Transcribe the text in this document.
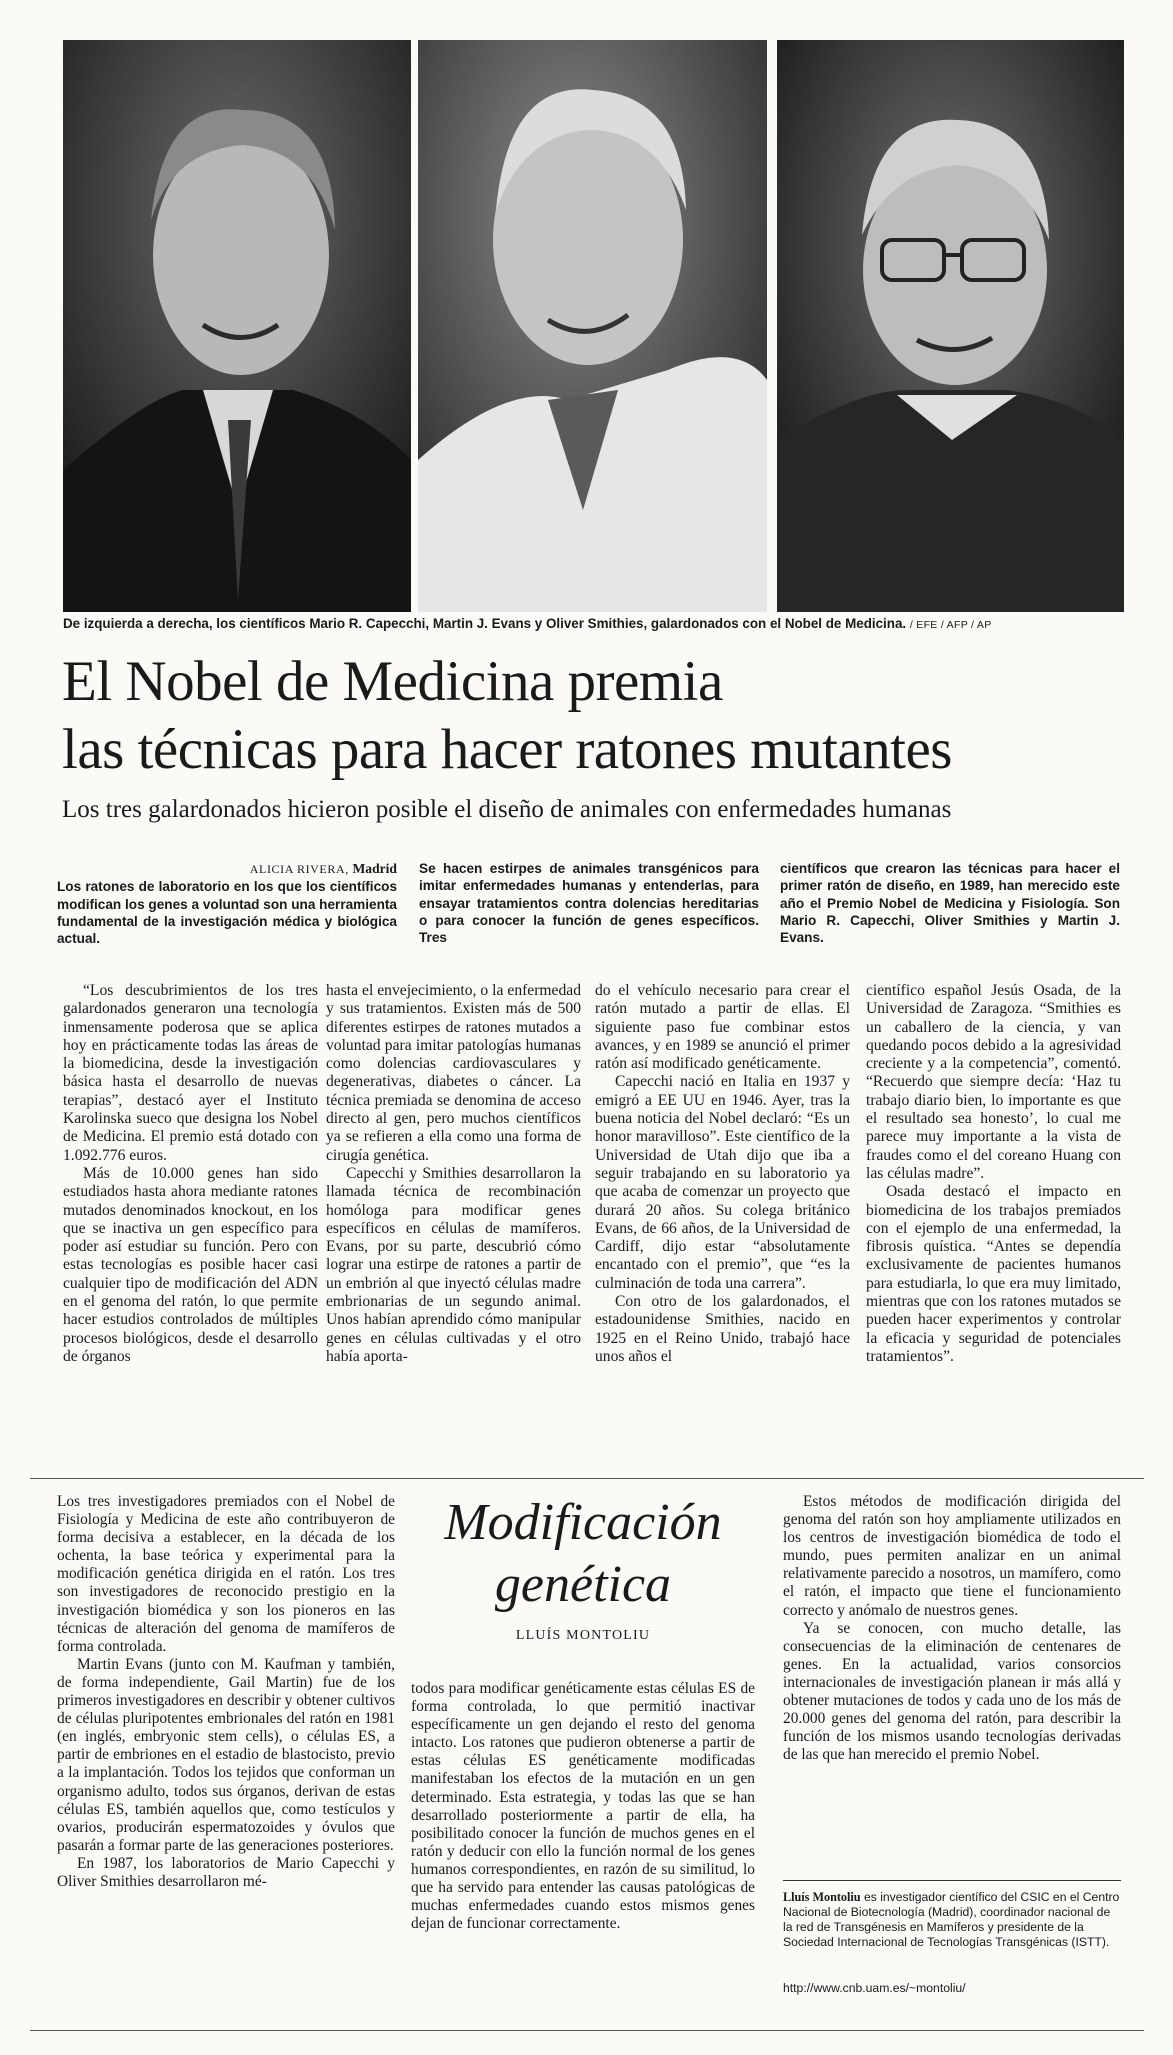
De izquierda a derecha, los científicos Mario R. Capecchi, Martin J. Evans y Oliver Smithies, galardonados con el Nobel de Medicina. / EFE / AFP / AP
El Nobel de Medicina premia
las técnicas para hacer ratones mutantes
Los tres galardonados hicieron posible el diseño de animales con enfermedades humanas
ALICIA RIVERA, Madrid
Los ratones de laboratorio en los que los científicos modifican los genes a voluntad son una herramienta fundamental de la investigación médica y biológica actual.
Se hacen estirpes de animales transgénicos para imitar enfermedades humanas y entenderlas, para ensayar tratamientos contra dolencias hereditarias o para conocer la función de genes específicos. Tres
científicos que crearon las técnicas para hacer el primer ratón de diseño, en 1989, han merecido este año el Premio Nobel de Medicina y Fisiología. Son Mario R. Capecchi, Oliver Smithies y Martin J. Evans.

“Los descubrimientos de los tres galardonados generaron una tecnología inmensamente poderosa que se aplica hoy en prácticamente todas las áreas de la biomedicina, desde la investigación básica hasta el desarrollo de nuevas terapias”, destacó ayer el Instituto Karolinska sueco que designa los Nobel de Medicina. El premio está dotado con 1.092.776 euros.

Más de 10.000 genes han sido estudiados hasta ahora mediante ratones mutados denominados knockout, en los que se inactiva un gen específico para poder así estudiar su función. Pero con estas tecnologías es posible hacer casi cualquier tipo de modificación del ADN en el genoma del ratón, lo que permite hacer estudios controlados de múltiples procesos biológicos, desde el desarrollo de órganos

hasta el envejecimiento, o la enfermedad y sus tratamientos. Existen más de 500 diferentes estirpes de ratones mutados a voluntad para imitar patologías humanas como dolencias cardiovasculares y degenerativas, diabetes o cáncer. La técnica premiada se denomina de acceso directo al gen, pero muchos científicos ya se refieren a ella como una forma de cirugía genética.

Capecchi y Smithies desarrollaron la llamada técnica de recombinación homóloga para modificar genes específicos en células de mamíferos. Evans, por su parte, descubrió cómo lograr una estirpe de ratones a partir de un embrión al que inyectó células madre embrionarias de un segundo animal. Unos habían aprendido cómo manipular genes en células cultivadas y el otro había aporta-

do el vehículo necesario para crear el ratón mutado a partir de ellas. El siguiente paso fue combinar estos avances, y en 1989 se anunció el primer ratón así modificado genéticamente.

Capecchi nació en Italia en 1937 y emigró a EE UU en 1946. Ayer, tras la buena noticia del Nobel declaró: “Es un honor maravilloso”. Este científico de la Universidad de Utah dijo que iba a seguir trabajando en su laboratorio ya que acaba de comenzar un proyecto que durará 20 años. Su colega británico Evans, de 66 años, de la Universidad de Cardiff, dijo estar “absolutamente encantado con el premio”, que “es la culminación de toda una carrera”.

Con otro de los galardonados, el estadounidense Smithies, nacido en 1925 en el Reino Unido, trabajó hace unos años el

científico español Jesús Osada, de la Universidad de Zaragoza. “Smithies es un caballero de la ciencia, y van quedando pocos debido a la agresividad creciente y a la competencia”, comentó. “Recuerdo que siempre decía: ‘Haz tu trabajo diario bien, lo importante es que el resultado sea honesto’, lo cual me parece muy importante a la vista de fraudes como el del coreano Huang con las células madre”.

Osada destacó el impacto en biomedicina de los trabajos premiados con el ejemplo de una enfermedad, la fibrosis quística. “Antes se dependía exclusivamente de pacientes humanos para estudiarla, lo que era muy limitado, mientras que con los ratones mutados se pueden hacer experimentos y controlar la eficacia y seguridad de potenciales tratamientos”.

Los tres investigadores premiados con el Nobel de Fisiología y Medicina de este año contribuyeron de forma decisiva a establecer, en la década de los ochenta, la base teórica y experimental para la modificación genética dirigida en el ratón. Los tres son investigadores de reconocido prestigio en la investigación biomédica y son los pioneros en las técnicas de alteración del genoma de mamíferos de forma controlada.

Martin Evans (junto con M. Kaufman y también, de forma independiente, Gail Martin) fue de los primeros investigadores en describir y obtener cultivos de células pluripotentes embrionales del ratón en 1981 (en inglés, embryonic stem cells), o células ES, a partir de embriones en el estadio de blastocisto, previo a la implantación. Todos los tejidos que conforman un organismo adulto, todos sus órganos, derivan de estas células ES, también aquellos que, como testículos y ovarios, producirán espermatozoides y óvulos que pasarán a formar parte de las generaciones posteriores.

En 1987, los laboratorios de Mario Capecchi y Oliver Smithies desarrollaron mé-

Modificación
genética
LLUÍS MONTOLIU

todos para modificar genéticamente estas células ES de forma controlada, lo que permitió inactivar específicamente un gen dejando el resto del genoma intacto. Los ratones que pudieron obtenerse a partir de estas células ES genéticamente modificadas manifestaban los efectos de la mutación en un gen determinado. Esta estrategia, y todas las que se han desarrollado posteriormente a partir de ella, ha posibilitado conocer la función de muchos genes en el ratón y deducir con ello la función normal de los genes humanos correspondientes, en razón de su similitud, lo que ha servido para entender las causas patológicas de muchas enfermedades cuando estos mismos genes dejan de funcionar correctamente.

Estos métodos de modificación dirigida del genoma del ratón son hoy ampliamente utilizados en los centros de investigación biomédica de todo el mundo, pues permiten analizar en un animal relativamente parecido a nosotros, un mamífero, como el ratón, el impacto que tiene el funcionamiento correcto y anómalo de nuestros genes.

Ya se conocen, con mucho detalle, las consecuencias de la eliminación de centenares de genes. En la actualidad, varios consorcios internacionales de investigación planean ir más allá y obtener mutaciones de todos y cada uno de los más de 20.000 genes del genoma del ratón, para describir la función de los mismos usando tecnologías derivadas de las que han merecido el premio Nobel.

Lluís Montoliu es investigador científico del CSIC en el Centro Nacional de Biotecnología (Madrid), coordinador nacional de la red de Transgénesis en Mamíferos y presidente de la Sociedad Internacional de Tecnologías Transgénicas (ISTT).
http://www.cnb.uam.es/~montoliu/
